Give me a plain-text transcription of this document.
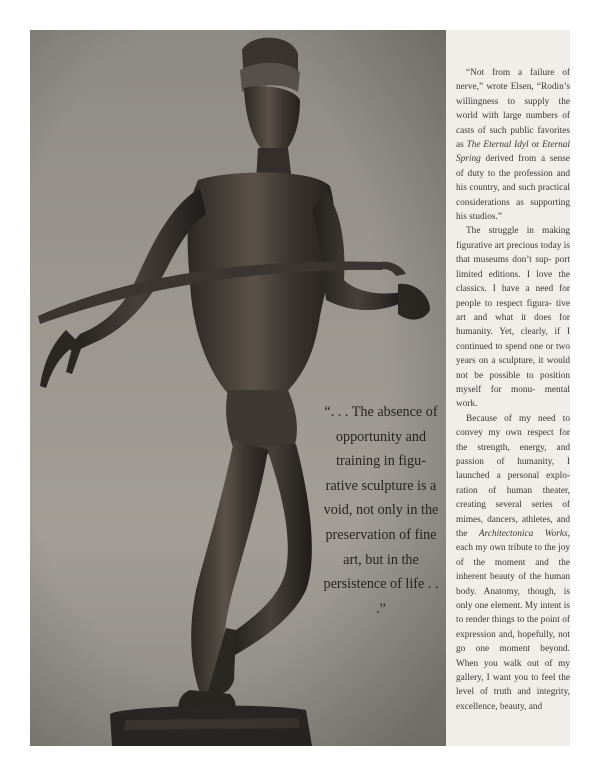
“. . . The absence of opportunity and training in figu- rative sculpture is a void, not only in the preservation of fine art, but in the persistence of life . . .”

“Not from a failure of nerve,” wrote Elsen, “Rodin’s willingness to supply the world with large numbers of casts of such public favorites as The Eternal Idyl or Eternal Spring derived from a sense of duty to the profession and his country, and such practical considerations as supporting his studios.”

The struggle in making figurative art precious today is that museums don’t sup- port limited editions. I love the classics. I have a need for people to respect figura- tive art and what it does for humanity. Yet, clearly, if I continued to spend one or two years on a sculpture, it would not be possible to position myself for monu- mental work.

Because of my need to convey my own respect for the strength, energy, and passion of humanity, I launched a personal explo- ration of human theater, creating several series of mimes, dancers, athletes, and the Architectonica Works, each my own tribute to the joy of the moment and the inherent beauty of the human body. Anatomy, though, is only one element. My intent is to render things to the point of expression and, hopefully, not go one moment beyond. When you walk out of my gallery, I want you to feel the level of truth and integrity, excellence, beauty, and
